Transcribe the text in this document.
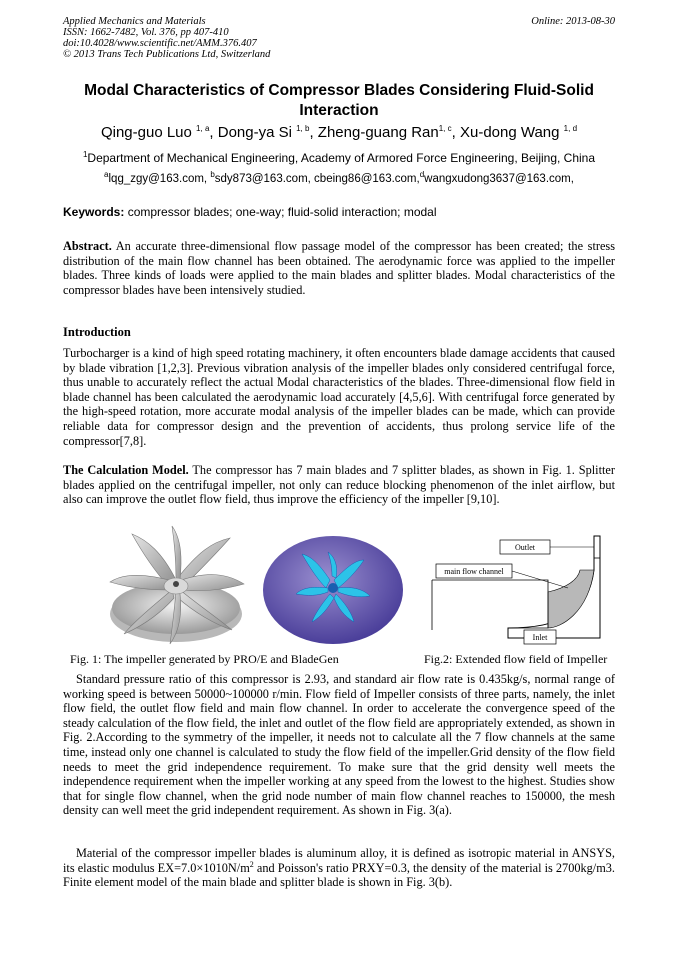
Applied Mechanics and Materials
ISSN: 1662-7482, Vol. 376, pp 407-410
doi:10.4028/www.scientific.net/AMM.376.407
© 2013 Trans Tech Publications Ltd, Switzerland
Online: 2013-08-30
Modal Characteristics of Compressor Blades Considering Fluid-Solid Interaction
Qing-guo Luo $^{1, a}$, Dong-ya Si $^{1, b}$, Zheng-guang Ran$^{1, c}$, Xu-dong Wang $^{1, d}$
$^1$Department of Mechanical Engineering, Academy of Armored Force Engineering, Beijing, China
$^a$lqg_zgy@163.com, $^b$sdy873@163.com, cbeing86@163.com,$^d$wangxudong3637@163.com,
Keywords: compressor blades; one-way; fluid-solid interaction; modal
Abstract. An accurate three-dimensional flow passage model of the compressor has been created; the stress distribution of the main flow channel has been obtained. The aerodynamic force was applied to the impeller blades. Three kinds of loads were applied to the main blades and splitter blades. Modal characteristics of the compressor blades have been intensively studied.
Introduction
Turbocharger is a kind of high speed rotating machinery, it often encounters blade damage accidents that caused by blade vibration [1,2,3]. Previous vibration analysis of the impeller blades only considered centrifugal force, thus unable to accurately reflect the actual Modal characteristics of the blades. Three-dimensional flow field in blade channel has been calculated the aerodynamic load accurately [4,5,6]. With centrifugal force generated by the high-speed rotation, more accurate modal analysis of the impeller blades can be made, which can provide reliable data for compressor design and the prevention of accidents, thus prolong service life of the compressor[7,8].
The Calculation Model. The compressor has 7 main blades and 7 splitter blades, as shown in Fig. 1. Splitter blades applied on the centrifugal impeller, not only can reduce blocking phenomenon of the inlet airflow, but also can improve the outlet flow field, thus improve the efficiency of the impeller [9,10].
Outlet
main flow channel
Inlet
Fig. 1: The impeller generated by PRO/E and BladeGen	Fig.2: Extended flow field of Impeller
Standard pressure ratio of this compressor is 2.93, and standard air flow rate is 0.435kg/s, normal range of working speed is between 50000~100000 r/min. Flow field of Impeller consists of three parts, namely, the inlet flow field, the outlet flow field and main flow channel. In order to accelerate the convergence speed of the steady calculation of the flow field, the inlet and outlet of the flow field are appropriately extended, as shown in Fig. 2.According to the symmetry of the impeller, it needs not to calculate all the 7 flow channels at the same time, instead only one channel is calculated to study the flow field of the impeller.Grid density of the flow field needs to meet the grid independence requirement. To make sure that the grid density well meets the independence requirement when the impeller working at any speed from the lowest to the highest. Studies show that for single flow channel, when the grid node number of main flow channel reaches to 150000, the mesh density can well meet the grid independent requirement. As shown in Fig. 3(a).
Material of the compressor impeller blades is aluminum alloy, it is defined as isotropic material in ANSYS, its elastic modulus $EX=7.0\times 1010N/m^2$ and Poisson's ratio PRXY=0.3, the density of the material is 2700kg/m3. Finite element model of the main blade and splitter blade is shown in Fig. 3(b).
